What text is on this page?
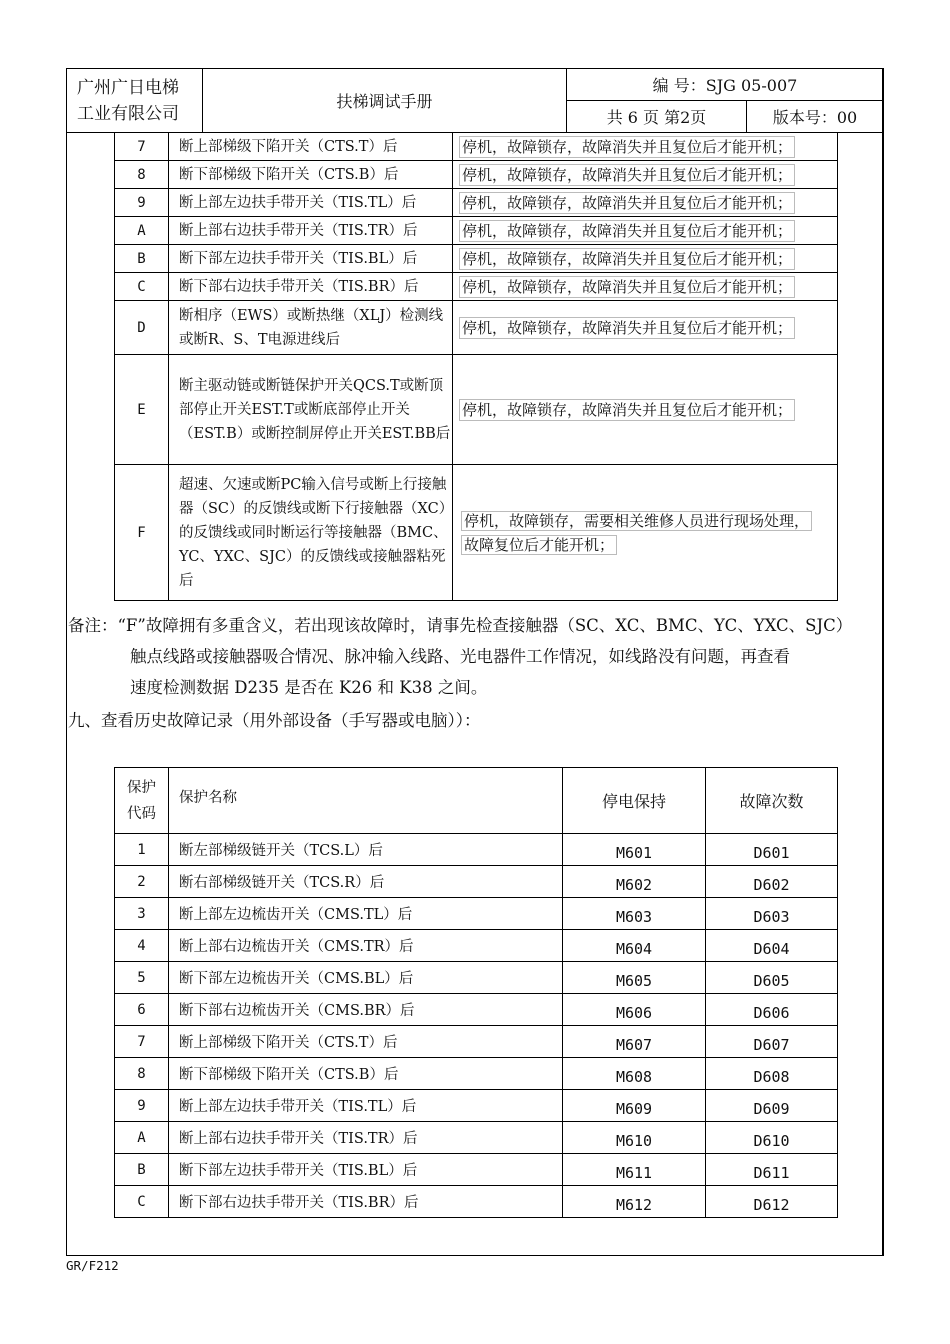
广州广日电梯
工业有限公司	扶梯调试手册	编 号：SJG 05-007	
		共 6 页 第2页	版本号：00
7	断上部梯级下陷开关（CTS.T）后	停机，故障锁存，故障消失并且复位后才能开机；
8	断下部梯级下陷开关（CTS.B）后	停机，故障锁存，故障消失并且复位后才能开机；
9	断上部左边扶手带开关（TIS.TL）后	停机，故障锁存，故障消失并且复位后才能开机；
A	断上部右边扶手带开关（TIS.TR）后	停机，故障锁存，故障消失并且复位后才能开机；
B	断下部左边扶手带开关（TIS.BL）后	停机，故障锁存，故障消失并且复位后才能开机；
C	断下部右边扶手带开关（TIS.BR）后	停机，故障锁存，故障消失并且复位后才能开机；
D	断相序（EWS）或断热继（XLJ）检测线或断R、S、T电源进线后	停机，故障锁存，故障消失并且复位后才能开机；
E	断主驱动链或断链保护开关QCS.T或断顶部停止开关EST.T或断底部停止开关（EST.B）或断控制屏停止开关EST.BB后	停机，故障锁存，故障消失并且复位后才能开机；
F	超速、欠速或断PC输入信号或断上行接触器（SC）的反馈线或断下行接触器（XC）的反馈线或同时断运行等接触器（BMC、YC、YXC、SJC）的反馈线或接触器粘死后	停机，故障锁存，需要相关维修人员进行现场处理，
故障复位后才能开机；
备注：“F”故障拥有多重含义，若出现该故障时，请事先检查接触器（SC、XC、BMC、YC、YXC、SJC）
触点线路或接触器吸合情况、脉冲输入线路、光电器件工作情况，如线路没有问题，再查看
速度检测数据 D235 是否在 K26 和 K38 之间。
九、查看历史故障记录（用外部设备（手写器或电脑））：
保护
代码	保护名称	停电保持	故障次数
1	断左部梯级链开关（TCS.L）后	M601	D601
2	断右部梯级链开关（TCS.R）后	M602	D602
3	断上部左边梳齿开关（CMS.TL）后	M603	D603
4	断上部右边梳齿开关（CMS.TR）后	M604	D604
5	断下部左边梳齿开关（CMS.BL）后	M605	D605
6	断下部右边梳齿开关（CMS.BR）后	M606	D606
7	断上部梯级下陷开关（CTS.T）后	M607	D607
8	断下部梯级下陷开关（CTS.B）后	M608	D608
9	断上部左边扶手带开关（TIS.TL）后	M609	D609
A	断上部右边扶手带开关（TIS.TR）后	M610	D610
B	断下部左边扶手带开关（TIS.BL）后	M611	D611
C	断下部右边扶手带开关（TIS.BR）后	M612	D612
GR/F212
